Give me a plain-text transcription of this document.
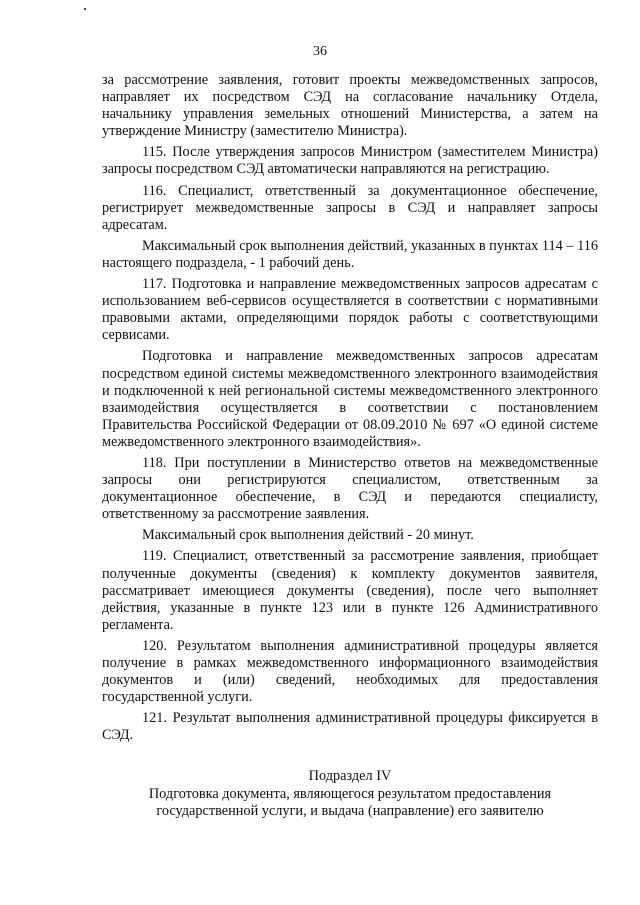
36

за рассмотрение заявления, готовит проекты межведомственных запросов, направляет их посредством СЭД на согласование начальнику Отдела, начальнику управления земельных отношений Министерства, а затем на утверждение Министру (заместителю Министра).

115. После утверждения запросов Министром (заместителем Министра) запросы посредством СЭД автоматически направляются на регистрацию.

116. Специалист, ответственный за документационное обеспечение, регистрирует межведомственные запросы в СЭД и направляет запросы адресатам.

Максимальный срок выполнения действий, указанных в пунктах 114 – 116 настоящего подраздела, - 1 рабочий день.

117. Подготовка и направление межведомственных запросов адресатам с использованием веб-сервисов осуществляется в соответствии с нормативными правовыми актами, определяющими порядок работы с соответствующими сервисами.

Подготовка и направление межведомственных запросов адресатам посредством единой системы межведомственного электронного взаимодействия и подключенной к ней региональной системы межведомственного электронного взаимодействия осуществляется в соответствии с постановлением Правительства Российской Федерации от 08.09.2010 № 697 «О единой системе межведомственного электронного взаимодействия».

118. При поступлении в Министерство ответов на межведомственные запросы они регистрируются специалистом, ответственным за документационное обеспечение, в СЭД и передаются специалисту, ответственному за рассмотрение заявления.

Максимальный срок выполнения действий - 20 минут.

119. Специалист, ответственный за рассмотрение заявления, приобщает полученные документы (сведения) к комплекту документов заявителя, рассматривает имеющиеся документы (сведения), после чего выполняет действия, указанные в пункте 123 или в пункте 126 Административного регламента.

120. Результатом выполнения административной процедуры является получение в рамках межведомственного информационного взаимодействия документов и (или) сведений, необходимых для предоставления государственной услуги.

121. Результат выполнения административной процедуры фиксируется в СЭД.

Подраздел IV
Подготовка документа, являющегося результатом предоставления
государственной услуги, и выдача (направление) его заявителю
